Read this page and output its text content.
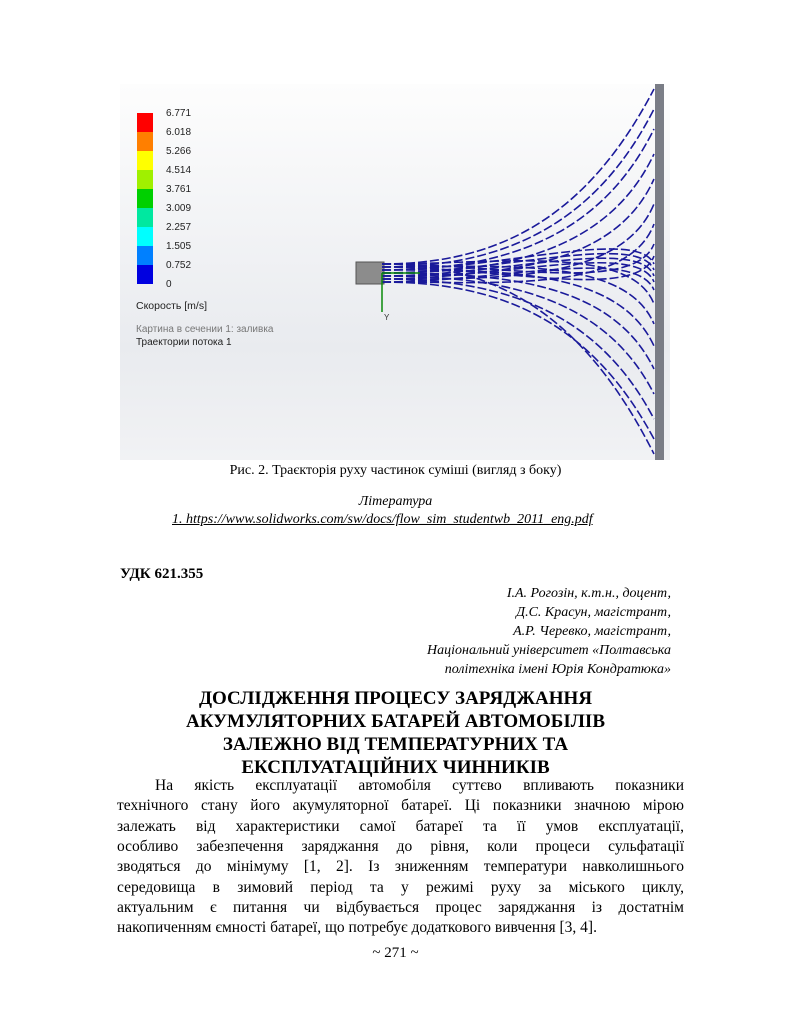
6.771
6.018
5.266
4.514
3.761
3.009
2.257
1.505
0.752
0
Скорость [m/s]
Картина в сечении 1: заливка
Траектории потока 1
Y
Рис. 2. Траєкторія руху частинок суміші (вигляд з боку)
Література
1. https://www.solidworks.com/sw/docs/flow_sim_studentwb_2011_eng.pdf
УДК 621.355
І.А. Рогозін, к.т.н., доцент,
Д.С. Красун, магістрант,
А.Р. Черевко, магістрант,
Національний університет «Полтавська
політехніка імені Юрія Кондратюка»
ДОСЛІДЖЕННЯ ПРОЦЕСУ ЗАРЯДЖАННЯ
АКУМУЛЯТОРНИХ БАТАРЕЙ АВТОМОБІЛІВ
ЗАЛЕЖНО ВІД ТЕМПЕРАТУРНИХ ТА
ЕКСПЛУАТАЦІЙНИХ ЧИННИКІВ
На якість експлуатації автомобіля суттєво впливають показники
технічного стану його акумуляторної батареї. Ці показники значною мірою
залежать від характеристики самої батареї та її умов експлуатації,
особливо забезпечення заряджання до рівня, коли процеси сульфатації
зводяться до мінімуму [1, 2]. Із зниженням температури навколишнього
середовища в зимовий період та у режимі руху за міського циклу,
актуальним є питання чи відбувається процес заряджання із достатнім
накопиченням ємності батареї, що потребує додаткового вивчення [3, 4].
~ 271 ~
